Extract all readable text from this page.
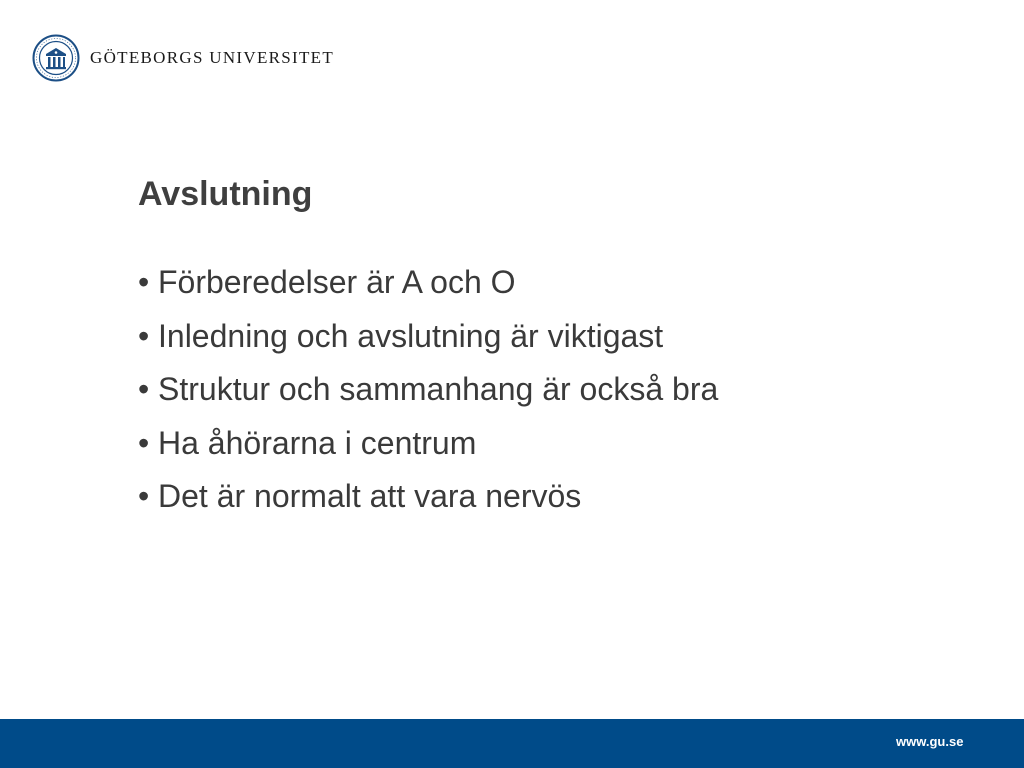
GÖTEBORGS UNIVERSITET
Avslutning
• Förberedelser är A och O
• Inledning och avslutning är viktigast
• Struktur och sammanhang är också bra
• Ha åhörarna i centrum
• Det är normalt att vara nervös
www.gu.se
